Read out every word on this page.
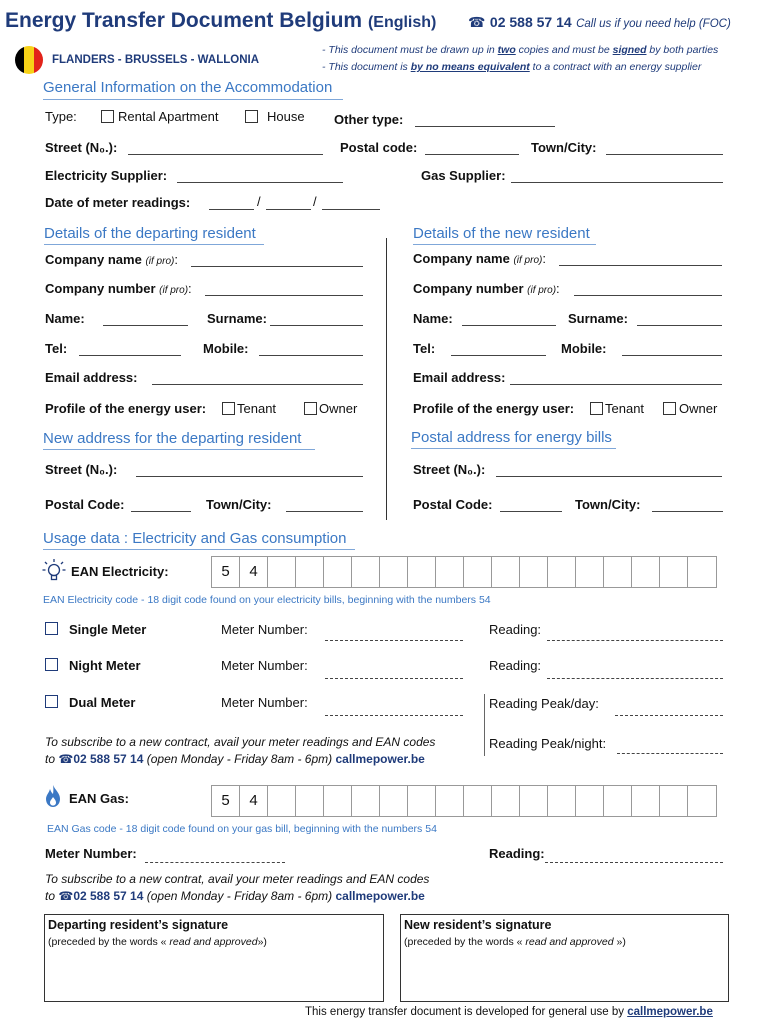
Energy Transfer Document Belgium (English) ☎ 02 588 57 14 Call us if you need help (FOC)
FLANDERS - BRUSSELS - WALLONIA
- This document must be drawn up in two copies and must be signed by both parties
- This document is by no means equivalent to a contract with an energy supplier
General Information on the Accommodation
Type:	Rental Apartment	House Other type:
Street (N₀.):	Postal code:	Town/City:
Electricity Supplier:	Gas Supplier:
Date of meter readings:	/	/
Details of the departing resident
Company name (if pro):
Company number (if pro):
Name:	Surname:
Tel:	Mobile:
Email address:
Profile of the energy user: Tenant	Owner
New address for the departing resident
Street (N₀.):
Postal Code:	Town/City:
Details of the new resident
Company name (if pro):
Company number (if pro):
Name:	Surname:
Tel:	Mobile:
Email address:
Profile of the energy user: Tenant	Owner
Postal address for energy bills
Street (N₀.):
Postal Code:	Town/City:
Usage data : Electricity and Gas consumption
EAN Electricity:	5	4
EAN Electricity code - 18 digit code found on your electricity bills, beginning with the numbers 54
Single Meter	Meter Number:	Reading:
Night Meter	Meter Number:	Reading:
Dual Meter	Meter Number:	Reading Peak/day:
Reading Peak/night:
To subscribe to a new contract, avail your meter readings and EAN codes
to ☎02 588 57 14 (open Monday - Friday 8am - 6pm) callmepower.be
EAN Gas:	5	4
EAN Gas code - 18 digit code found on your gas bill, beginning with the numbers 54
Meter Number:	Reading:
To subscribe to a new contrat, avail your meter readings and EAN codes
to ☎02 588 57 14 (open Monday - Friday 8am - 6pm) callmepower.be
Departing resident’s signature
(preceded by the words « read and approved»)
New resident’s signature
(preceded by the words « read and approved »)
This energy transfer document is developed for general use by callmepower.be
